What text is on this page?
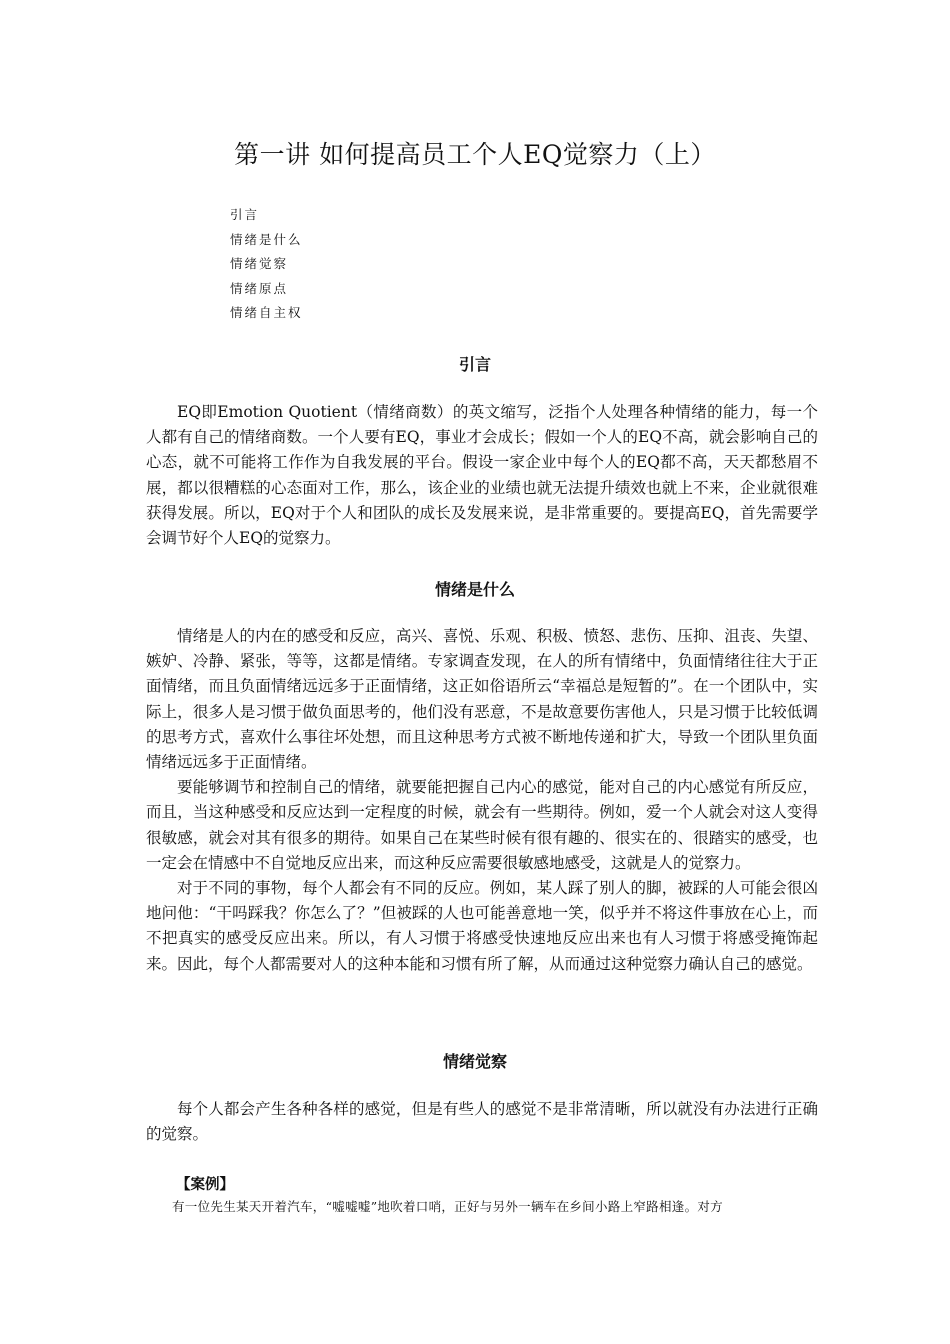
第一讲 如何提高员工个人EQ觉察力（上）
引言
情绪是什么
情绪觉察
情绪原点
情绪自主权
引言

EQ即Emotion Quotient（情绪商数）的英文缩写，泛指个人处理各种情绪的能力，每一个人都有自己的情绪商数。一个人要有EQ，事业才会成长；假如一个人的EQ不高，就会影响自己的心态，就不可能将工作作为自我发展的平台。假设一家企业中每个人的EQ都不高，天天都愁眉不展，都以很糟糕的心态面对工作，那么，该企业的业绩也就无法提升绩效也就上不来，企业就很难获得发展。所以，EQ对于个人和团队的成长及发展来说，是非常重要的。要提高EQ，首先需要学会调节好个人EQ的觉察力。

情绪是什么

情绪是人的内在的感受和反应，高兴、喜悦、乐观、积极、愤怒、悲伤、压抑、沮丧、失望、嫉妒、冷静、紧张，等等，这都是情绪。专家调查发现，在人的所有情绪中，负面情绪往往大于正面情绪，而且负面情绪远远多于正面情绪，这正如俗语所云“幸福总是短暂的”。在一个团队中，实际上，很多人是习惯于做负面思考的，他们没有恶意，不是故意要伤害他人，只是习惯于比较低调的思考方式，喜欢什么事往坏处想，而且这种思考方式被不断地传递和扩大，导致一个团队里负面情绪远远多于正面情绪。

要能够调节和控制自己的情绪，就要能把握自己内心的感觉，能对自己的内心感觉有所反应，而且，当这种感受和反应达到一定程度的时候，就会有一些期待。例如，爱一个人就会对这人变得很敏感，就会对其有很多的期待。如果自己在某些时候有很有趣的、很实在的、很踏实的感受，也一定会在情感中不自觉地反应出来，而这种反应需要很敏感地感受，这就是人的觉察力。

对于不同的事物，每个人都会有不同的反应。例如，某人踩了别人的脚，被踩的人可能会很凶地问他：“干吗踩我？你怎么了？”但被踩的人也可能善意地一笑，似乎并不将这件事放在心上，而不把真实的感受反应出来。所以，有人习惯于将感受快速地反应出来也有人习惯于将感受掩饰起来。因此，每个人都需要对人的这种本能和习惯有所了解，从而通过这种觉察力确认自己的感觉。

情绪觉察

每个人都会产生各种各样的感觉，但是有些人的感觉不是非常清晰，所以就没有办法进行正确的觉察。

【案例】
有一位先生某天开着汽车，“嘘嘘嘘”地吹着口哨，正好与另外一辆车在乡间小路上窄路相逢。对方
